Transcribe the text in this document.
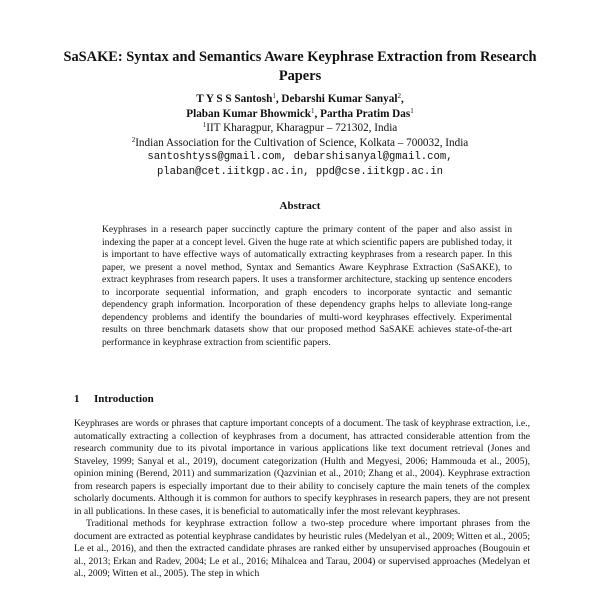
SaSAKE: Syntax and Semantics Aware Keyphrase Extraction from Research Papers
T Y S S Santosh$^1$, Debarshi Kumar Sanyal$^2$,
Plaban Kumar Bhowmick$^1$, Partha Pratim Das$^1$
$^1$IIT Kharagpur, Kharagpur – 721302, India
$^2$Indian Association for the Cultivation of Science, Kolkata – 700032, India
santoshtyss@gmail.com, debarshisanyal@gmail.com,
plaban@cet.iitkgp.ac.in, ppd@cse.iitkgp.ac.in
Abstract
Keyphrases in a research paper succinctly capture the primary content of the paper and also assist in indexing the paper at a concept level. Given the huge rate at which scientific papers are published today, it is important to have effective ways of automatically extracting keyphrases from a research paper. In this paper, we present a novel method, Syntax and Semantics Aware Keyphrase Extraction (SaSAKE), to extract keyphrases from research papers. It uses a transformer architecture, stacking up sentence encoders to incorporate sequential information, and graph encoders to incorporate syntactic and semantic dependency graph information. Incorporation of these dependency graphs helps to alleviate long-range dependency problems and identify the boundaries of multi-word keyphrases effectively. Experimental results on three benchmark datasets show that our proposed method SaSAKE achieves state-of-the-art performance in keyphrase extraction from scientific papers.
1 Introduction

Keyphrases are words or phrases that capture important concepts of a document. The task of keyphrase extraction, i.e., automatically extracting a collection of keyphrases from a document, has attracted considerable attention from the research community due to its pivotal importance in various applications like text document retrieval (Jones and Staveley, 1999; Sanyal et al., 2019), document categorization (Hulth and Megyesi, 2006; Hammouda et al., 2005), opinion mining (Berend, 2011) and summarization (Qazvinian et al., 2010; Zhang et al., 2004). Keyphrase extraction from research papers is especially important due to their ability to concisely capture the main tenets of the complex scholarly documents. Although it is common for authors to specify keyphrases in research papers, they are not present in all publications. In these cases, it is beneficial to automatically infer the most relevant keyphrases.

Traditional methods for keyphrase extraction follow a two-step procedure where important phrases from the document are extracted as potential keyphrase candidates by heuristic rules (Medelyan et al., 2009; Witten et al., 2005; Le et al., 2016), and then the extracted candidate phrases are ranked either by unsupervised approaches (Bougouin et al., 2013; Erkan and Radev, 2004; Le et al., 2016; Mihalcea and Tarau, 2004) or supervised approaches (Medelyan et al., 2009; Witten et al., 2005). The step in which
